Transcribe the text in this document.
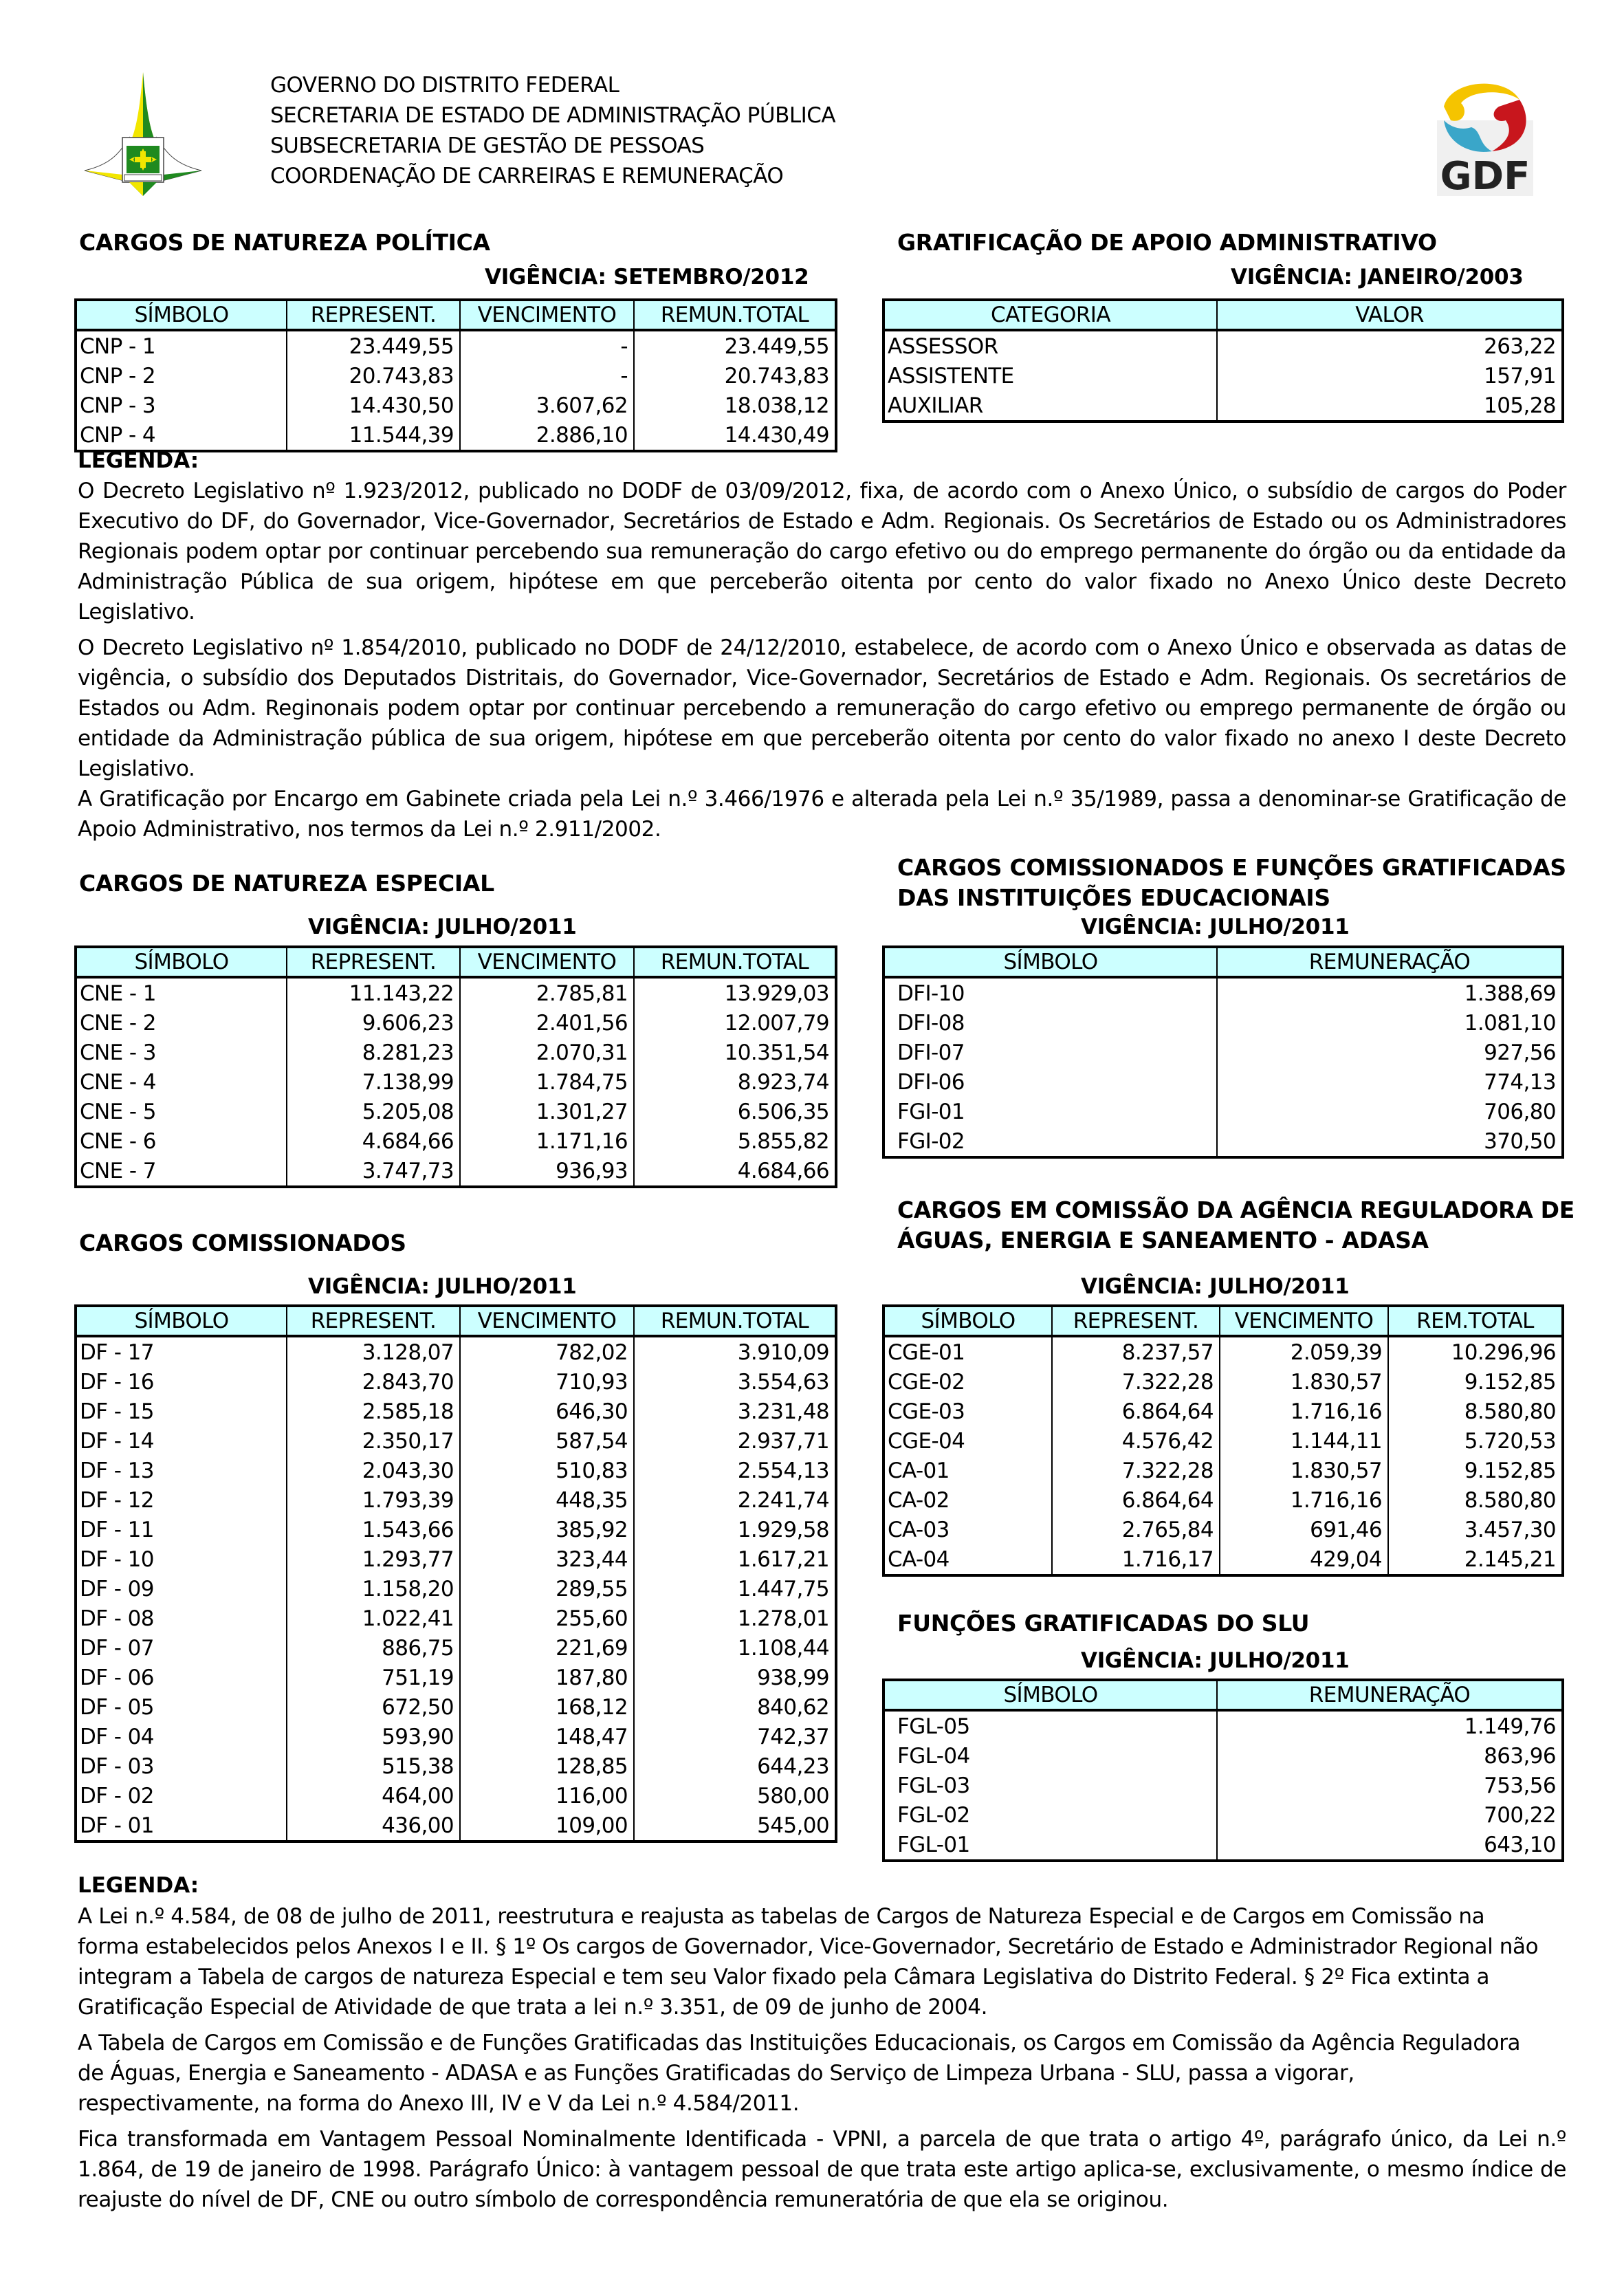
GOVERNO DO DISTRITO FEDERAL
SECRETARIA DE ESTADO DE ADMINISTRAÇÃO PÚBLICA
SUBSECRETARIA DE GESTÃO DE PESSOAS
COORDENAÇÃO DE CARREIRAS E REMUNERAÇÃO	GDF
CARGOS DE NATUREZA POLÍTICA
VIGÊNCIA: SETEMBRO/2012
SÍMBOLO	REPRESENT.	VENCIMENTO	REMUN.TOTAL
CNP - 1	23.449,55	-	23.449,55
CNP - 2	20.743,83	-	20.743,83
CNP - 3	14.430,50	3.607,62	18.038,12
CNP - 4	11.544,39	2.886,10	14.430,49
GRATIFICAÇÃO DE APOIO ADMINISTRATIVO
VIGÊNCIA: JANEIRO/2003
CATEGORIA	VALOR
ASSESSOR	263,22
ASSISTENTE	157,91
AUXILIAR	105,28
LEGENDA:

O Decreto Legislativo nº 1.923/2012, publicado no DODF de 03/09/2012, fixa, de acordo com o Anexo Único, o subsídio de cargos do Poder Executivo do DF, do Governador, Vice-Governador, Secretários de Estado e Adm. Regionais. Os Secretários de Estado ou os Administradores Regionais podem optar por continuar percebendo sua remuneração do cargo efetivo ou do emprego permanente do órgão ou da entidade da Administração Pública de sua origem, hipótese em que perceberão oitenta por cento do valor fixado no Anexo Único deste Decreto Legislativo.

O Decreto Legislativo nº 1.854/2010, publicado no DODF de 24/12/2010, estabelece, de acordo com o Anexo Único e observada as datas de vigência, o subsídio dos Deputados Distritais, do Governador, Vice-Governador, Secretários de Estado e Adm. Regionais. Os secretários de Estados ou Adm. Reginonais podem optar por continuar percebendo a remuneração do cargo efetivo ou emprego permanente de órgão ou entidade da Administração pública de sua origem, hipótese em que perceberão oitenta por cento do valor fixado no anexo I deste Decreto Legislativo.

A Gratificação por Encargo em Gabinete criada pela Lei n.º 3.466/1976 e alterada pela Lei n.º 35/1989, passa a denominar-se Gratificação de Apoio Administrativo, nos termos da Lei n.º 2.911/2002.

CARGOS DE NATUREZA ESPECIAL
VIGÊNCIA: JULHO/2011
SÍMBOLO	REPRESENT.	VENCIMENTO	REMUN.TOTAL
CNE - 1	11.143,22	2.785,81	13.929,03
CNE - 2	9.606,23	2.401,56	12.007,79
CNE - 3	8.281,23	2.070,31	10.351,54
CNE - 4	7.138,99	1.784,75	8.923,74
CNE - 5	5.205,08	1.301,27	6.506,35
CNE - 6	4.684,66	1.171,16	5.855,82
CNE - 7	3.747,73	936,93	4.684,66
CARGOS COMISSIONADOS E FUNÇÕES GRATIFICADAS
DAS INSTITUIÇÕES EDUCACIONAIS
VIGÊNCIA: JULHO/2011
SÍMBOLO	REMUNERAÇÃO
DFI-10	1.388,69
DFI-08	1.081,10
DFI-07	927,56
DFI-06	774,13
FGI-01	706,80
FGI-02	370,50
CARGOS COMISSIONADOS
VIGÊNCIA: JULHO/2011
SÍMBOLO	REPRESENT.	VENCIMENTO	REMUN.TOTAL
DF - 17	3.128,07	782,02	3.910,09
DF - 16	2.843,70	710,93	3.554,63
DF - 15	2.585,18	646,30	3.231,48
DF - 14	2.350,17	587,54	2.937,71
DF - 13	2.043,30	510,83	2.554,13
DF - 12	1.793,39	448,35	2.241,74
DF - 11	1.543,66	385,92	1.929,58
DF - 10	1.293,77	323,44	1.617,21
DF - 09	1.158,20	289,55	1.447,75
DF - 08	1.022,41	255,60	1.278,01
DF - 07	886,75	221,69	1.108,44
DF - 06	751,19	187,80	938,99
DF - 05	672,50	168,12	840,62
DF - 04	593,90	148,47	742,37
DF - 03	515,38	128,85	644,23
DF - 02	464,00	116,00	580,00
DF - 01	436,00	109,00	545,00
CARGOS EM COMISSÃO DA AGÊNCIA REGULADORA DE
ÁGUAS, ENERGIA E SANEAMENTO - ADASA
VIGÊNCIA: JULHO/2011
SÍMBOLO	REPRESENT.	VENCIMENTO	REM.TOTAL
CGE-01	8.237,57	2.059,39	10.296,96
CGE-02	7.322,28	1.830,57	9.152,85
CGE-03	6.864,64	1.716,16	8.580,80
CGE-04	4.576,42	1.144,11	5.720,53
CA-01	7.322,28	1.830,57	9.152,85
CA-02	6.864,64	1.716,16	8.580,80
CA-03	2.765,84	691,46	3.457,30
CA-04	1.716,17	429,04	2.145,21
FUNÇÕES GRATIFICADAS DO SLU
VIGÊNCIA: JULHO/2011
SÍMBOLO	REMUNERAÇÃO
FGL-05	1.149,76
FGL-04	863,96
FGL-03	753,56
FGL-02	700,22
FGL-01	643,10
LEGENDA:

A Lei n.º 4.584, de 08 de julho de 2011, reestrutura e reajusta as tabelas de Cargos de Natureza Especial e de Cargos em Comissão na forma estabelecidos pelos Anexos I e II. § 1º Os cargos de Governador, Vice-Governador, Secretário de Estado e Administrador Regional não integram a Tabela de cargos de natureza Especial e tem seu Valor fixado pela Câmara Legislativa do Distrito Federal. § 2º Fica extinta a Gratificação Especial de Atividade de que trata a lei n.º 3.351, de 09 de junho de 2004.

A Tabela de Cargos em Comissão e de Funções Gratificadas das Instituições Educacionais, os Cargos em Comissão da Agência Reguladora de Águas, Energia e Saneamento - ADASA e as Funções Gratificadas do Serviço de Limpeza Urbana - SLU, passa a vigorar, respectivamente, na forma do Anexo III, IV e V da Lei n.º 4.584/2011.

Fica transformada em Vantagem Pessoal Nominalmente Identificada - VPNI, a parcela de que trata o artigo 4º, parágrafo único, da Lei n.º 1.864, de 19 de janeiro de 1998. Parágrafo Único: à vantagem pessoal de que trata este artigo aplica-se, exclusivamente, o mesmo índice de reajuste do nível de DF, CNE ou outro símbolo de correspondência remuneratória de que ela se originou.
